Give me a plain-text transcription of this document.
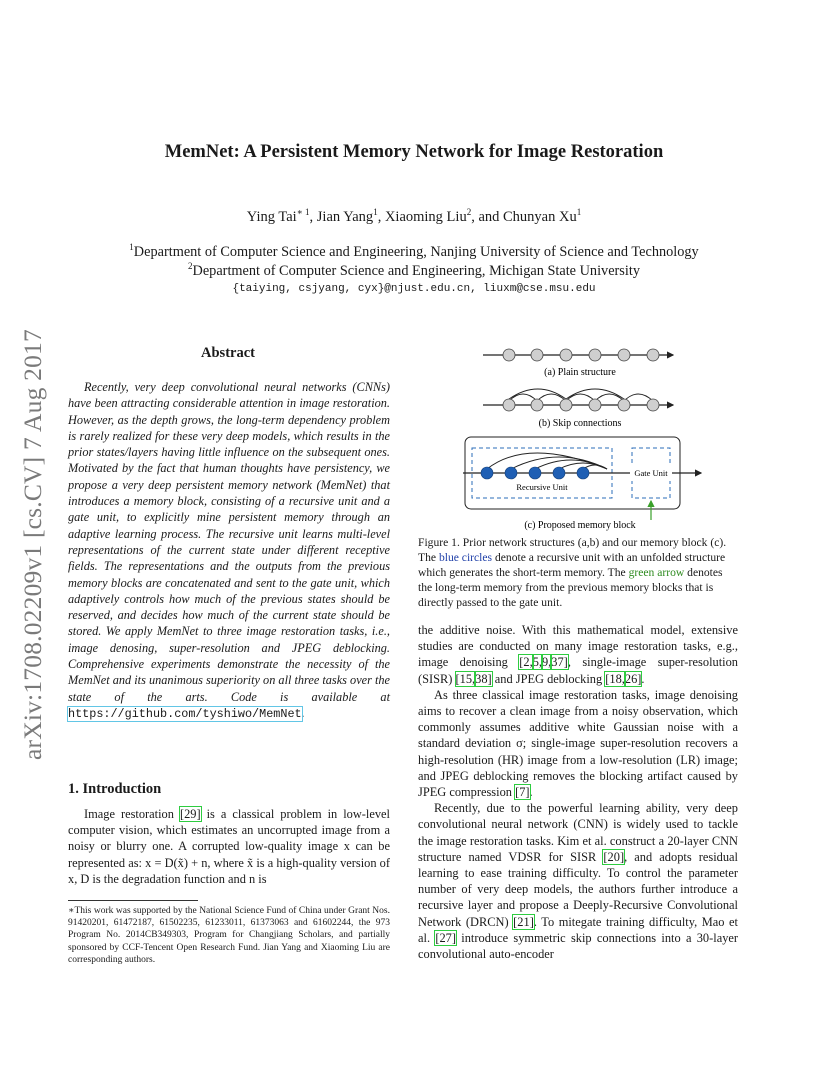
arXiv:1708.02209v1 [cs.CV] 7 Aug 2017
MemNet: A Persistent Memory Network for Image Restoration
Ying Tai$^{∗ 1}$, Jian Yang$^1$, Xiaoming Liu$^2$, and Chunyan Xu$^1$
$^1$Department of Computer Science and Engineering, Nanjing University of Science and Technology
$^2$Department of Computer Science and Engineering, Michigan State University
{taiying, csjyang, cyx}@njust.edu.cn, liuxm@cse.msu.edu
Abstract
Recently, very deep convolutional neural networks (CNNs) have been attracting considerable attention in image restoration. However, as the depth grows, the long-term dependency problem is rarely realized for these very deep models, which results in the prior states/layers having little influence on the subsequent ones. Motivated by the fact that human thoughts have persistency, we propose a very deep persistent memory network (MemNet) that introduces a memory block, consisting of a recursive unit and a gate unit, to explicitly mine persistent memory through an adaptive learning process. The recursive unit learns multi-level representations of the current state under different receptive fields. The representations and the outputs from the previous memory blocks are concatenated and sent to the gate unit, which adaptively controls how much of the previous states should be reserved, and decides how much of the current state should be stored. We apply MemNet to three image restoration tasks, i.e., image denosing, super-resolution and JPEG deblocking. Comprehensive experiments demonstrate the necessity of the MemNet and its unanimous superiority on all three tasks over the state of the arts. Code is available at https://github.com/tyshiwo/MemNet.
1. Introduction
Image restoration [29] is a classical problem in low-level computer vision, which estimates an uncorrupted image from a noisy or blurry one. A corrupted low-quality image x can be represented as: x = D(x̃) + n, where x̃ is a high-quality version of x, D is the degradation function and n is
∗This work was supported by the National Science Fund of China under Grant Nos. 91420201, 61472187, 61502235, 61233011, 61373063 and 61602244, the 973 Program No. 2014CB349303, Program for Changjiang Scholars, and partially sponsored by CCF-Tencent Open Research Fund. Jian Yang and Xiaoming Liu are corresponding authors.
(a) Plain structure
(b) Skip connections
Recursive Unit
Gate Unit
(c) Proposed memory block
Figure 1. Prior network structures (a,b) and our memory block (c). The blue circles denote a recursive unit with an unfolded structure which generates the short-term memory. The green arrow denotes the long-term memory from the previous memory blocks that is directly passed to the gate unit.

the additive noise. With this mathematical model, extensive studies are conducted on many image restoration tasks, e.g., image denoising [2,5,9,37], single-image super-resolution (SISR) [15,38] and JPEG deblocking [18,26].

As three classical image restoration tasks, image denoising aims to recover a clean image from a noisy observation, which commonly assumes additive white Gaussian noise with a standard deviation σ; single-image super-resolution recovers a high-resolution (HR) image from a low-resolution (LR) image; and JPEG deblocking removes the blocking artifact caused by JPEG compression [7].

Recently, due to the powerful learning ability, very deep convolutional neural network (CNN) is widely used to tackle the image restoration tasks. Kim et al. construct a 20-layer CNN structure named VDSR for SISR [20], and adopts residual learning to ease training difficulty. To control the parameter number of very deep models, the authors further introduce a recursive layer and propose a Deeply-Recursive Convolutional Network (DRCN) [21]. To mitegate training difficulty, Mao et al. [27] introduce symmetric skip connections into a 30-layer convolutional auto-encoder
